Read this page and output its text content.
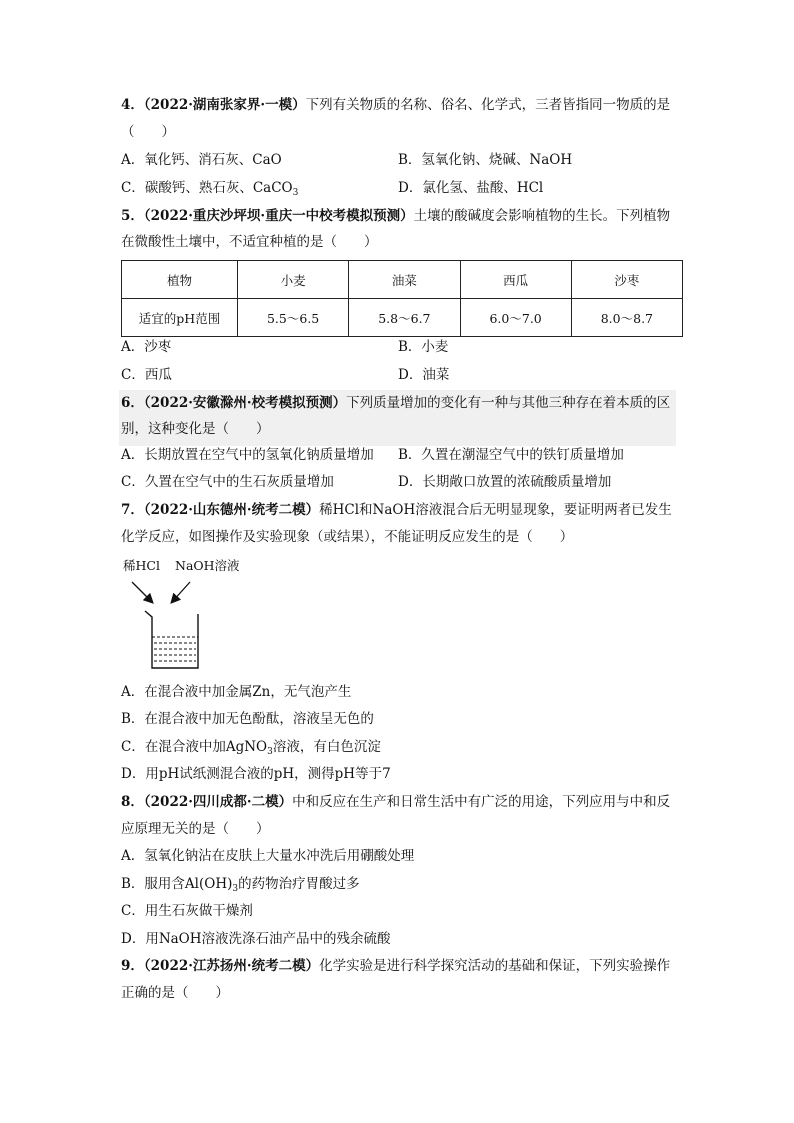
4．（2022·湖南张家界·一模）下列有关物质的名称、俗名、化学式，三者皆指同一物质的是
（　　）
A．氧化钙、消石灰、CaO	B．氢氧化钠、烧碱、NaOH
C．碳酸钙、熟石灰、CaCO$_3$	D．氯化氢、盐酸、HCl
5．（2022·重庆沙坪坝·重庆一中校考模拟预测）土壤的酸碱度会影响植物的生长。下列植物
在微酸性土壤中，不适宜种植的是（　　）
植物	小麦	油菜	西瓜	沙枣
适宜的pH范围	5.5～6.5	5.8～6.7	6.0～7.0	8.0～8.7
A．沙枣	B．小麦
C．西瓜	D．油菜
6．（2022·安徽滁州·校考模拟预测）下列质量增加的变化有一种与其他三种存在着本质的区
别，这种变化是（　　）
A．长期放置在空气中的氢氧化钠质量增加 B．久置在潮湿空气中的铁钉质量增加
C．久置在空气中的生石灰质量增加	D．长期敞口放置的浓硫酸质量增加
7．（2022·山东德州·统考二模）稀HCl和NaOH溶液混合后无明显现象，要证明两者已发生
化学反应，如图操作及实验现象（或结果），不能证明反应发生的是（　　）
稀HCl NaOH溶液
A．在混合液中加金属Zn，无气泡产生
B．在混合液中加无色酚酞，溶液呈无色的
C．在混合液中加AgNO$_3$溶液，有白色沉淀
D．用pH试纸测混合液的pH，测得pH等于7
8．（2022·四川成都·二模）中和反应在生产和日常生活中有广泛的用途，下列应用与中和反
应原理无关的是（　　）
A．氢氧化钠沾在皮肤上大量水冲洗后用硼酸处理
B．服用含$Al(OH)_3$的药物治疗胃酸过多
C．用生石灰做干燥剂
D．用NaOH溶液洗涤石油产品中的残余硫酸
9．（2022·江苏扬州·统考二模）化学实验是进行科学探究活动的基础和保证，下列实验操作
正确的是（　　）
